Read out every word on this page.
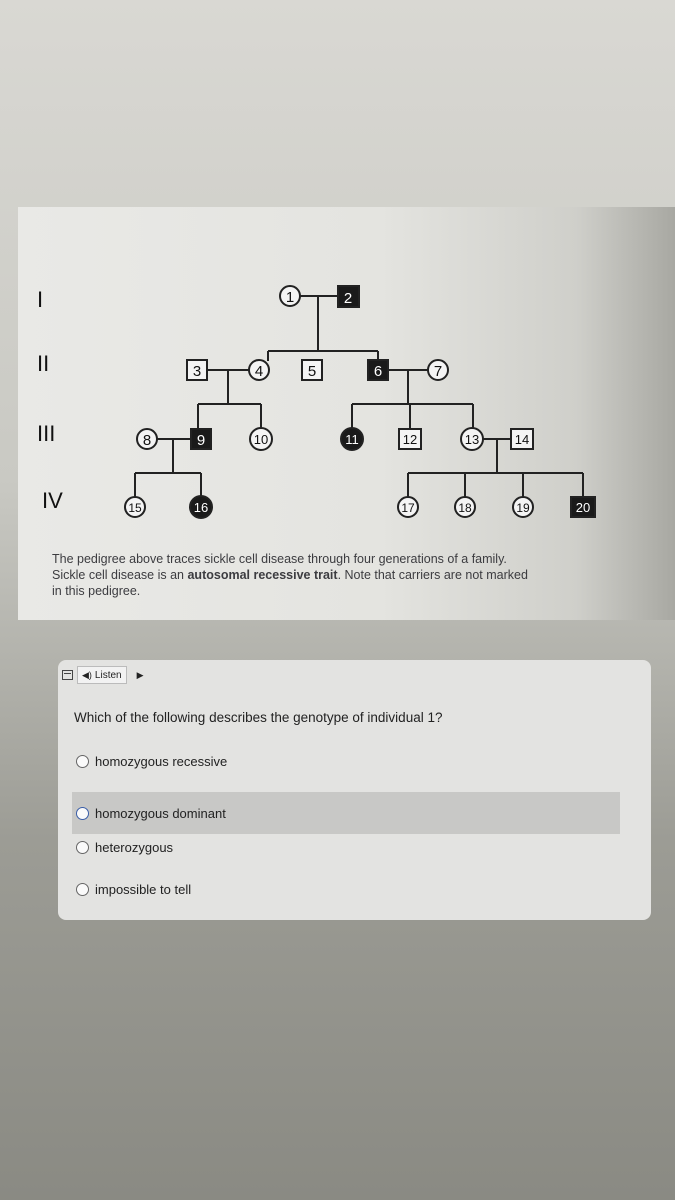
I
II
III
IV
1	2
3	4	5	6	7
8	9	10	11	12	13	14
15	16	17	18	19	20
The pedigree above traces sickle cell disease through four generations of a family.
Sickle cell disease is an autosomal recessive trait. Note that carriers are not marked
in this pedigree.
◀) Listen ▶
Which of the following describes the genotype of individual 1?
homozygous recessive
homozygous dominant
heterozygous
impossible to tell
